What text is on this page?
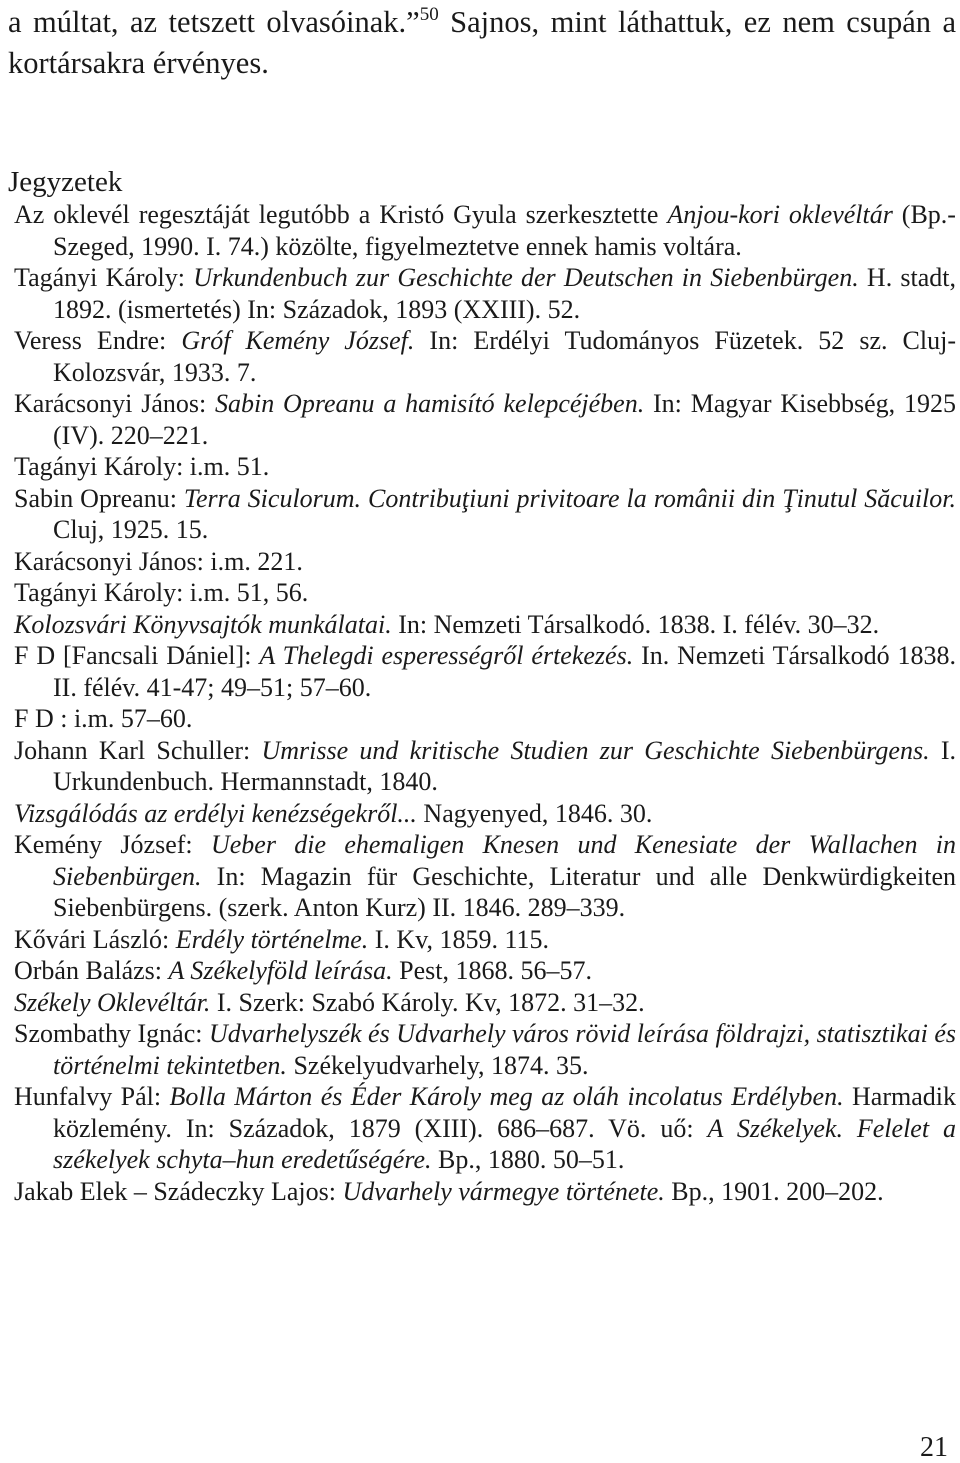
a múltat, az tetszett olvasóinak.”$^{50}$ Sajnos, mint láthattuk, ez nem csupán a kortársakra érvényes.

Jegyzetek
Az oklevél regesztáját legutóbb a Kristó Gyula szerkesztette Anjou-kori oklevéltár (Bp.-Szeged, 1990. I. 74.) közölte, figyelmeztetve ennek hamis voltára.
Tagányi Károly: Urkundenbuch zur Geschichte der Deutschen in Siebenbürgen. H. stadt, 1892. (ismertetés) In: Századok, 1893 (XXIII). 52.
Veress Endre: Gróf Kemény József. In: Erdélyi Tudományos Füzetek. 52 sz. Cluj-Kolozsvár, 1933. 7.
Karácsonyi János: Sabin Opreanu a hamisító kelepcéjében. In: Magyar Kisebbség, 1925 (IV). 220–221.
Tagányi Károly: i.m. 51.
Sabin Opreanu: Terra Siculorum. Contribuţiuni privitoare la românii din Ţinutul Săcuilor. Cluj, 1925. 15.
Karácsonyi János: i.m. 221.
Tagányi Károly: i.m. 51, 56.
Kolozsvári Könyvsajtók munkálatai. In: Nemzeti Társalkodó. 1838. I. félév. 30–32.
F D [Fancsali Dániel]: A Thelegdi esperességről értekezés. In. Nemzeti Társalkodó 1838. II. félév. 41-47; 49–51; 57–60.
F D : i.m. 57–60.
Johann Karl Schuller: Umrisse und kritische Studien zur Geschichte Siebenbürgens. I. Urkundenbuch. Hermannstadt, 1840.
Vizsgálódás az erdélyi kenézségekről... Nagyenyed, 1846. 30.
Kemény József: Ueber die ehemaligen Knesen und Kenesiate der Wallachen in Siebenbürgen. In: Magazin für Geschichte, Literatur und alle Denkwürdigkeiten Siebenbürgens. (szerk. Anton Kurz) II. 1846. 289–339.
Kővári László: Erdély történelme. I. Kv, 1859. 115.
Orbán Balázs: A Székelyföld leírása. Pest, 1868. 56–57.
Székely Oklevéltár. I. Szerk: Szabó Károly. Kv, 1872. 31–32.
Szombathy Ignác: Udvarhelyszék és Udvarhely város rövid leírása földrajzi, statisztikai és történelmi tekintetben. Székelyudvarhely, 1874. 35.
Hunfalvy Pál: Bolla Márton és Éder Károly meg az oláh incolatus Erdélyben. Harmadik közlemény. In: Századok, 1879 (XIII). 686–687. Vö. uő: A Székelyek. Felelet a székelyek schyta–hun eredetűségére. Bp., 1880. 50–51.
Jakab Elek – Szádeczky Lajos: Udvarhely vármegye története. Bp., 1901. 200–202.
21
